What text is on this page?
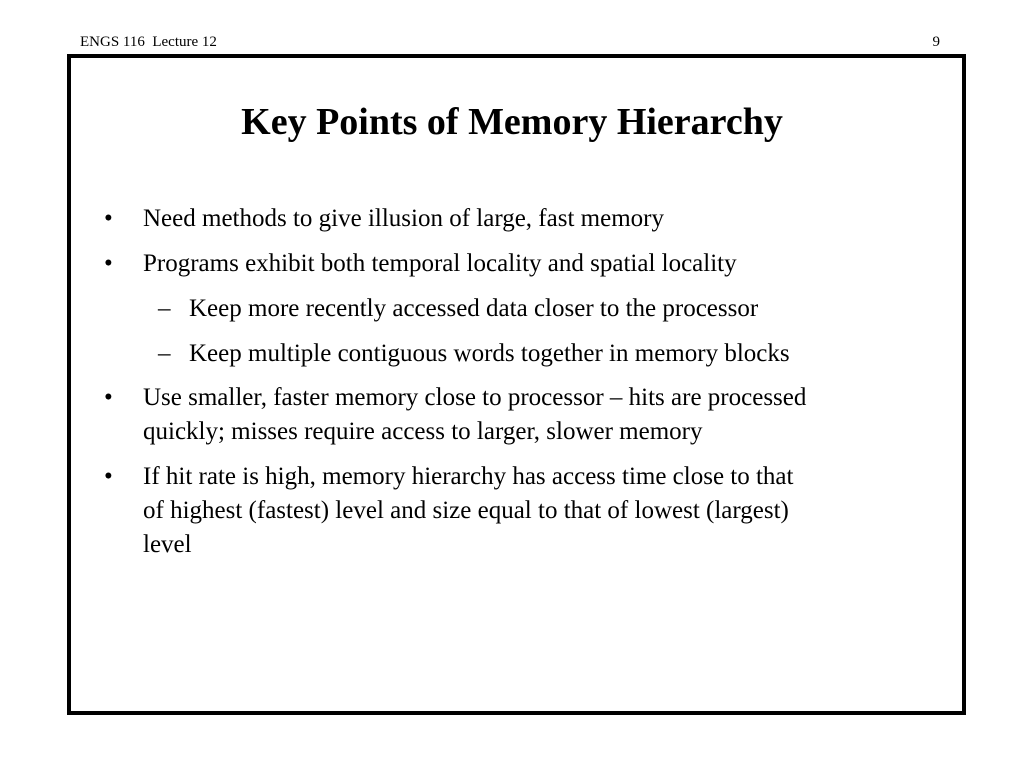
ENGS 116  Lecture 12	9
Key Points of Memory Hierarchy
• Need methods to give illusion of large, fast memory
• Programs exhibit both temporal locality and spatial locality
– Keep more recently accessed data closer to the processor
– Keep multiple contiguous words together in memory blocks
• Use smaller, faster memory close to processor – hits are processed
quickly; misses require access to larger, slower memory
• If hit rate is high, memory hierarchy has access time close to that
of highest (fastest) level and size equal to that of lowest (largest)
level
